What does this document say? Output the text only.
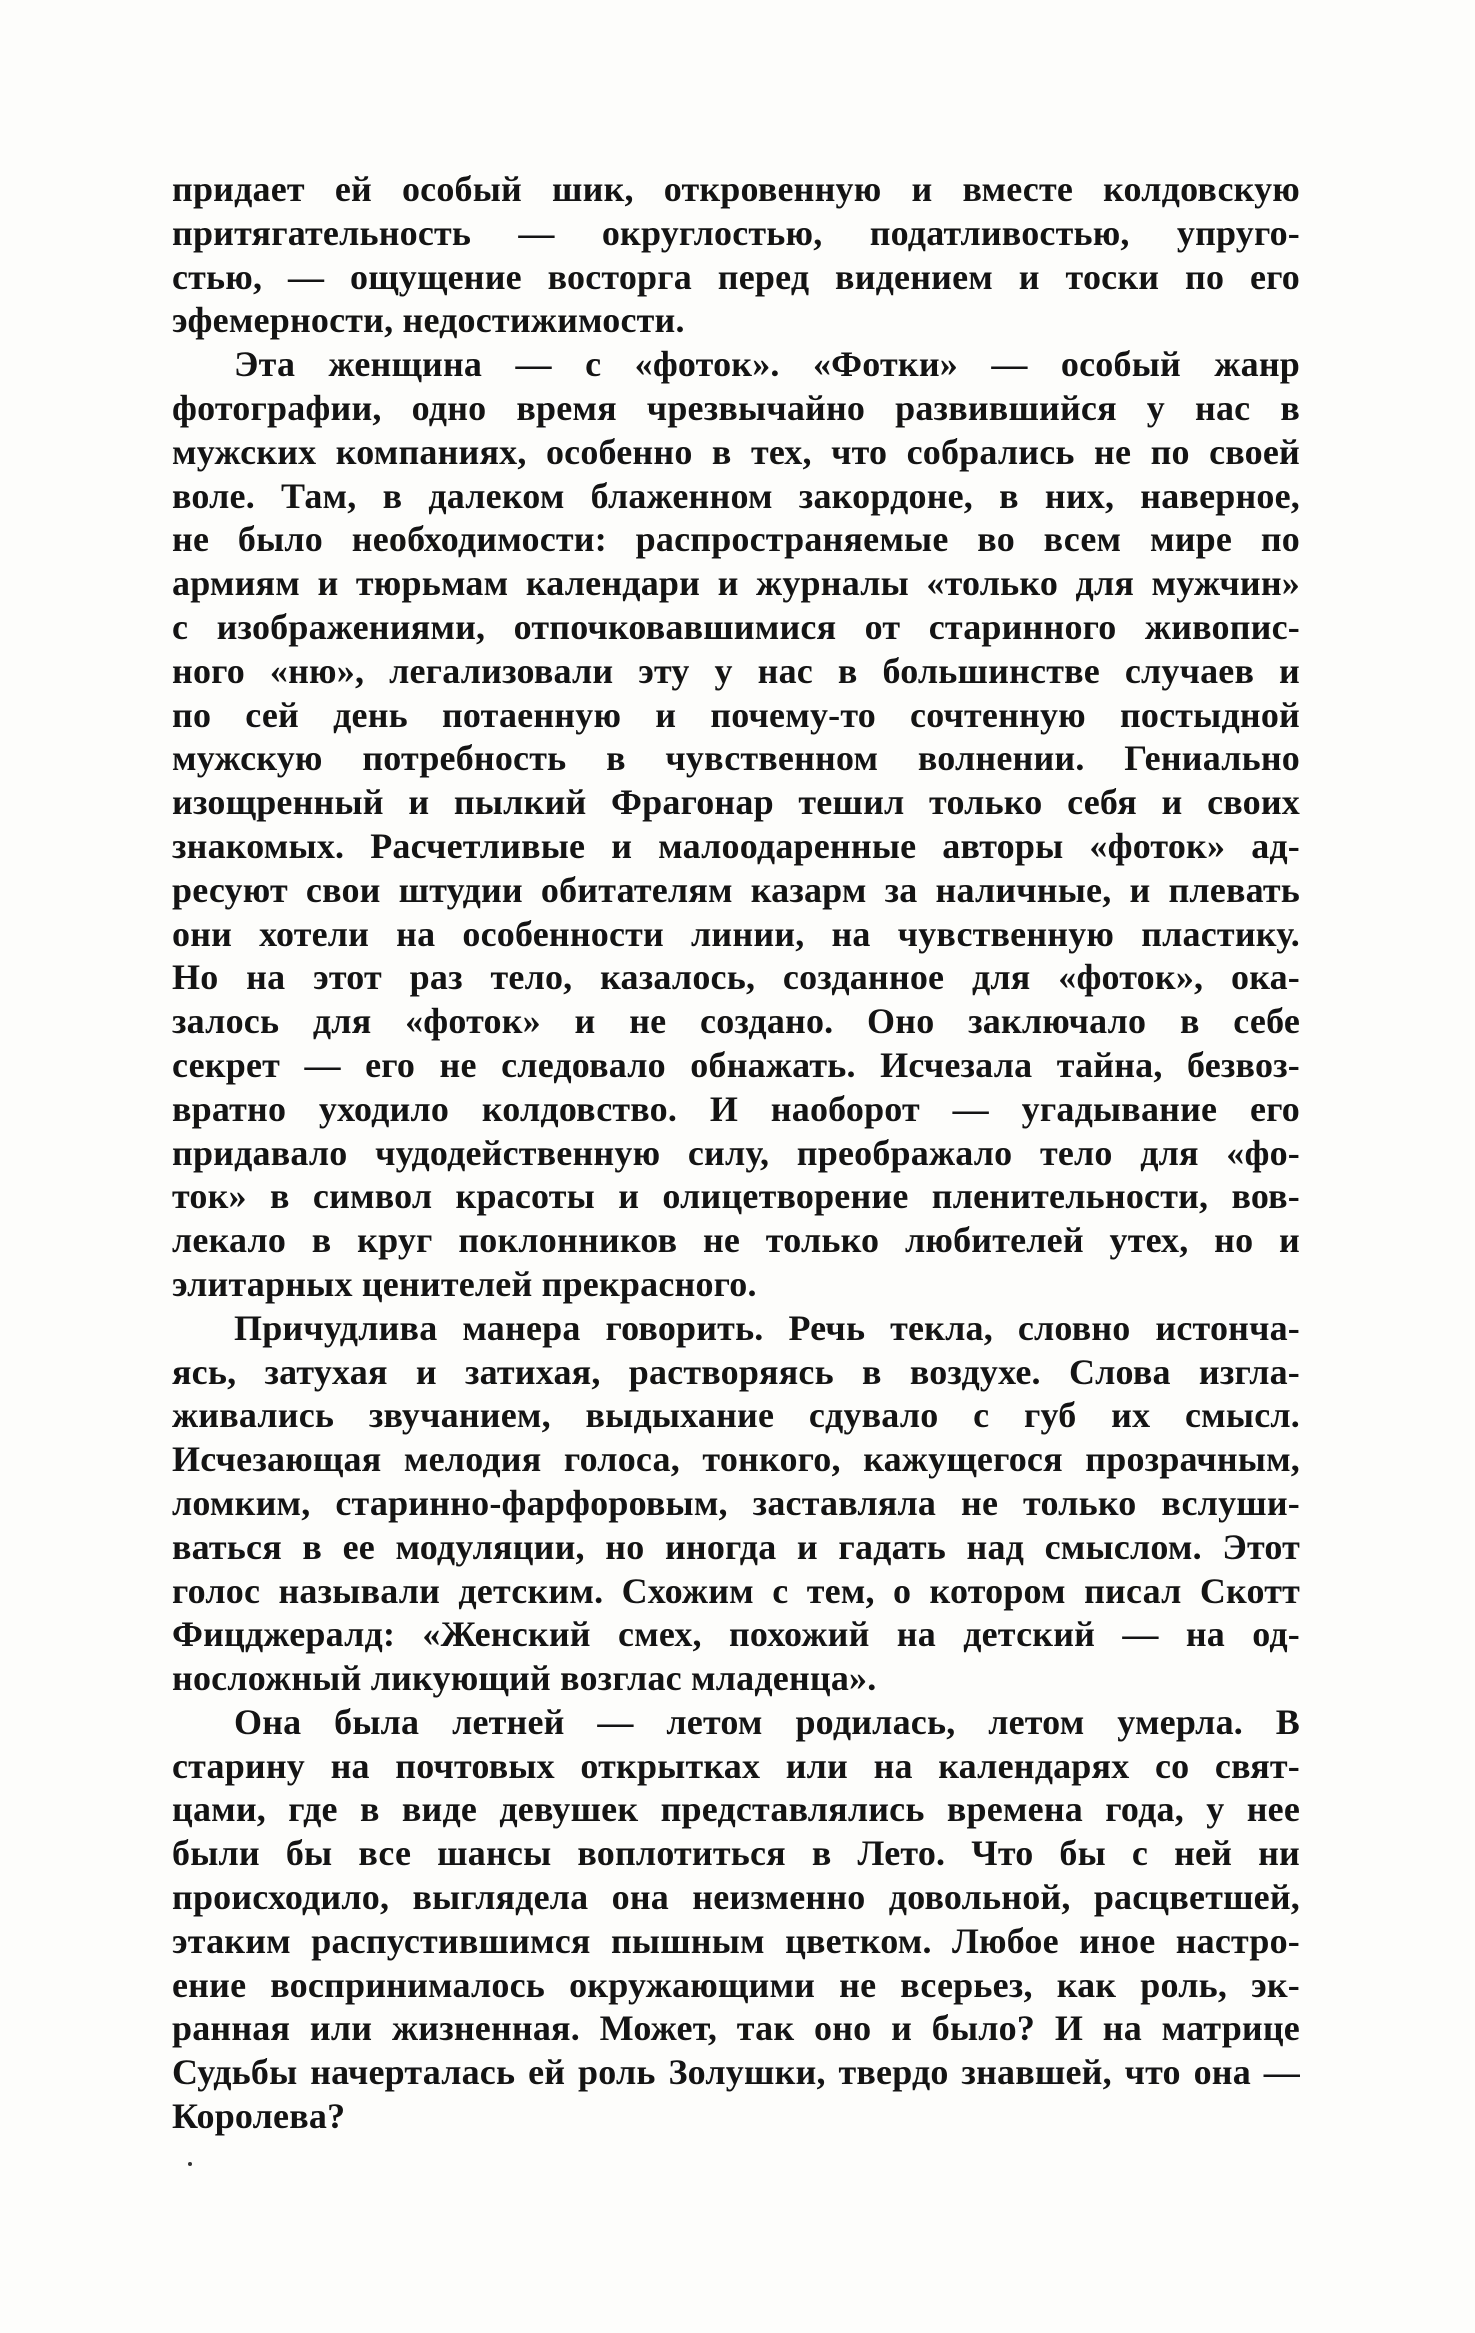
придает ей особый шик, откровенную и вместе колдовскую
притягательность — округлостью, податливостью, упруго-
стью, — ощущение восторга перед видением и тоски по его
эфемерности, недостижимости.

Эта женщина — с «фоток». «Фотки» — особый жанр
фотографии, одно время чрезвычайно развившийся у нас в
мужских компаниях, особенно в тех, что собрались не по своей
воле. Там, в далеком блаженном закордоне, в них, наверное,
не было необходимости: распространяемые во всем мире по
армиям и тюрьмам календари и журналы «только для мужчин»
с изображениями, отпочковавшимися от старинного живопис-
ного «ню», легализовали эту у нас в большинстве случаев и
по сей день потаенную и почему-то сочтенную постыдной
мужскую потребность в чувственном волнении. Гениально
изощренный и пылкий Фрагонар тешил только себя и своих
знакомых. Расчетливые и малоодаренные авторы «фоток» ад-
ресуют свои штудии обитателям казарм за наличные, и плевать
они хотели на особенности линии, на чувственную пластику.
Но на этот раз тело, казалось, созданное для «фоток», ока-
залось для «фоток» и не создано. Оно заключало в себе
секрет — его не следовало обнажать. Исчезала тайна, безвоз-
вратно уходило колдовство. И наоборот — угадывание его
придавало чудодейственную силу, преображало тело для «фо-
ток» в символ красоты и олицетворение пленительности, вов-
лекало в круг поклонников не только любителей утех, но и
элитарных ценителей прекрасного.

Причудлива манера говорить. Речь текла, словно истонча-
ясь, затухая и затихая, растворяясь в воздухе. Слова изгла-
живались звучанием, выдыхание сдувало с губ их смысл.
Исчезающая мелодия голоса, тонкого, кажущегося прозрачным,
ломким, старинно-фарфоровым, заставляла не только вслуши-
ваться в ее модуляции, но иногда и гадать над смыслом. Этот
голос называли детским. Схожим с тем, о котором писал Скотт
Фицджералд: «Женский смех, похожий на детский — на од-
носложный ликующий возглас младенца».

Она была летней — летом родилась, летом умерла. В
старину на почтовых открытках или на календарях со свят-
цами, где в виде девушек представлялись времена года, у нее
были бы все шансы воплотиться в Лето. Что бы с ней ни
происходило, выглядела она неизменно довольной, расцветшей,
этаким распустившимся пышным цветком. Любое иное настро-
ение воспринималось окружающими не всерьез, как роль, эк-
ранная или жизненная. Может, так оно и было? И на матрице
Судьбы начерталась ей роль Золушки, твердо знавшей, что она —
Королева?
